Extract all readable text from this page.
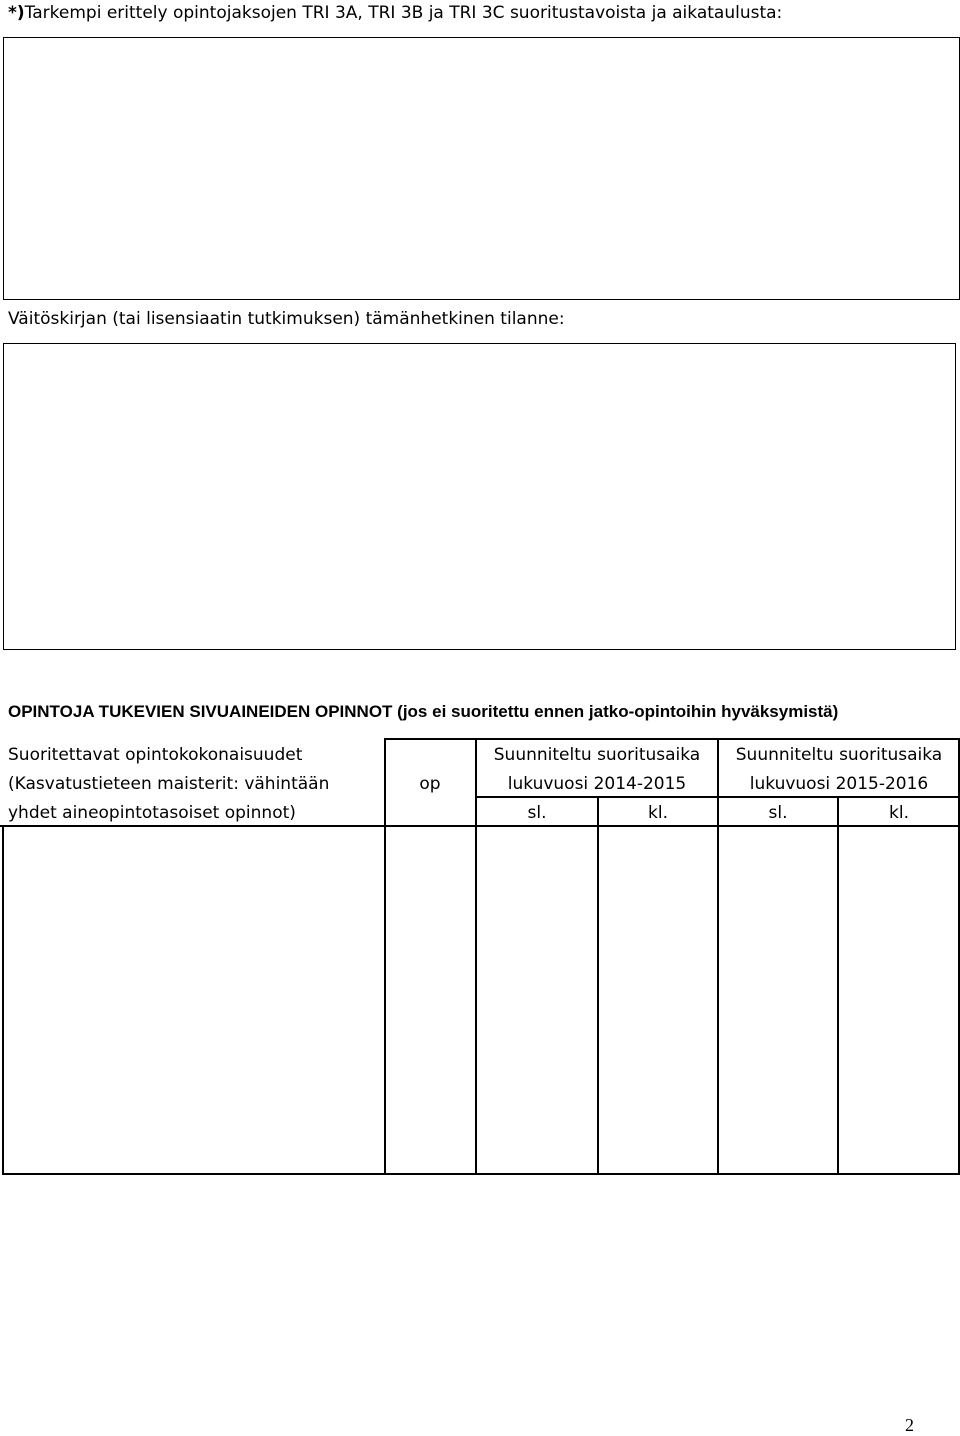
*)Tarkempi erittely opintojaksojen TRI 3A, TRI 3B ja TRI 3C suoritustavoista ja aikataulusta:
Väitöskirjan (tai lisensiaatin tutkimuksen) tämänhetkinen tilanne:
OPINTOJA TUKEVIEN SIVUAINEIDEN OPINNOT (jos ei suoritettu ennen jatko-opintoihin hyväksymistä)
Suoritettavat opintokokonaisuudet
(Kasvatustieteen maisterit: vähintään
yhdet aineopintotasoiset opinnot)
op
Suunniteltu suoritusaika
lukuvuosi 2014-2015
sl.	kl.
Suunniteltu suoritusaika
lukuvuosi 2015-2016
sl.	kl.
2
